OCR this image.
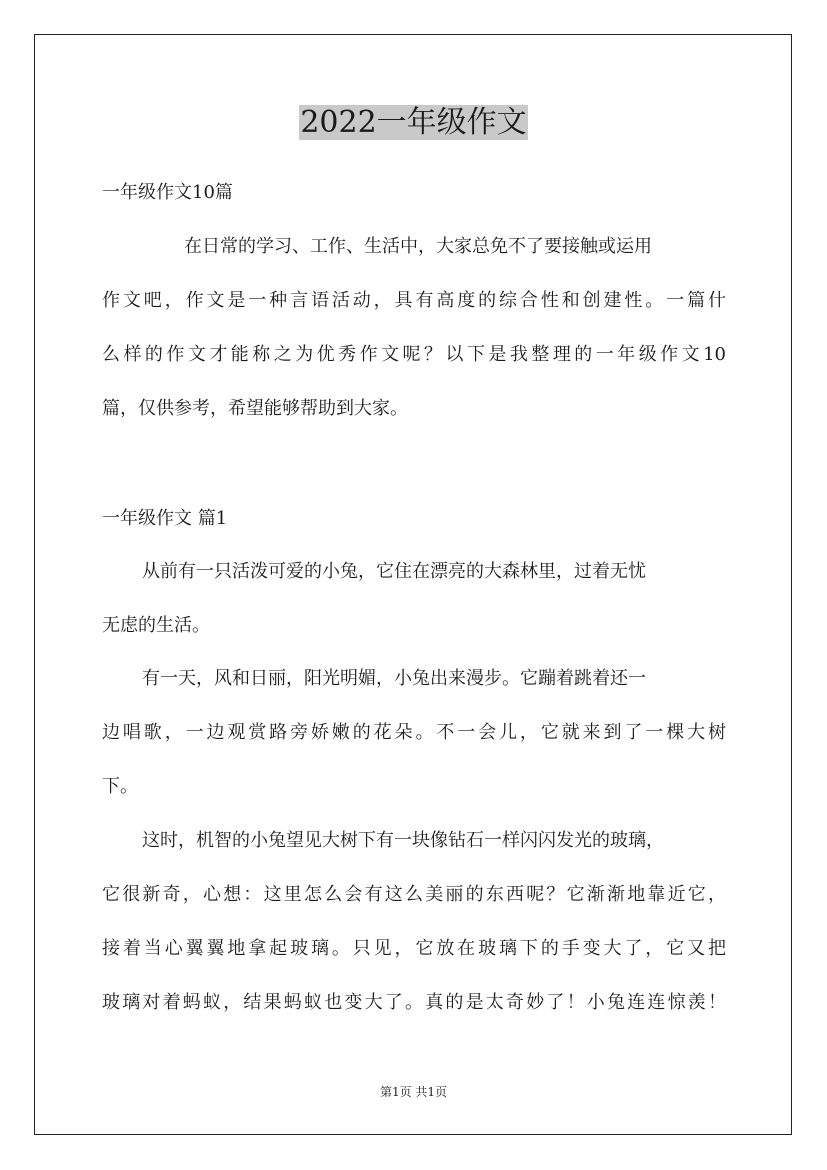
2022一年级作文
一年级作文10篇
在日常的学习、工作、生活中，大家总免不了要接触或运用
作文吧，作文是一种言语活动，具有高度的综合性和创建性。一篇什
么样的作文才能称之为优秀作文呢？以下是我整理的一年级作文10
篇，仅供参考，希望能够帮助到大家。
一年级作文 篇1
从前有一只活泼可爱的小兔，它住在漂亮的大森林里，过着无忧
无虑的生活。
有一天，风和日丽，阳光明媚，小兔出来漫步。它蹦着跳着还一
边唱歌，一边观赏路旁娇嫩的花朵。不一会儿，它就来到了一棵大树
下。
这时，机智的小兔望见大树下有一块像钻石一样闪闪发光的玻璃，
它很新奇，心想：这里怎么会有这么美丽的东西呢？它渐渐地靠近它，
接着当心翼翼地拿起玻璃。只见，它放在玻璃下的手变大了，它又把
玻璃对着蚂蚁，结果蚂蚁也变大了。真的是太奇妙了！小兔连连惊羡！
第1页 共1页
